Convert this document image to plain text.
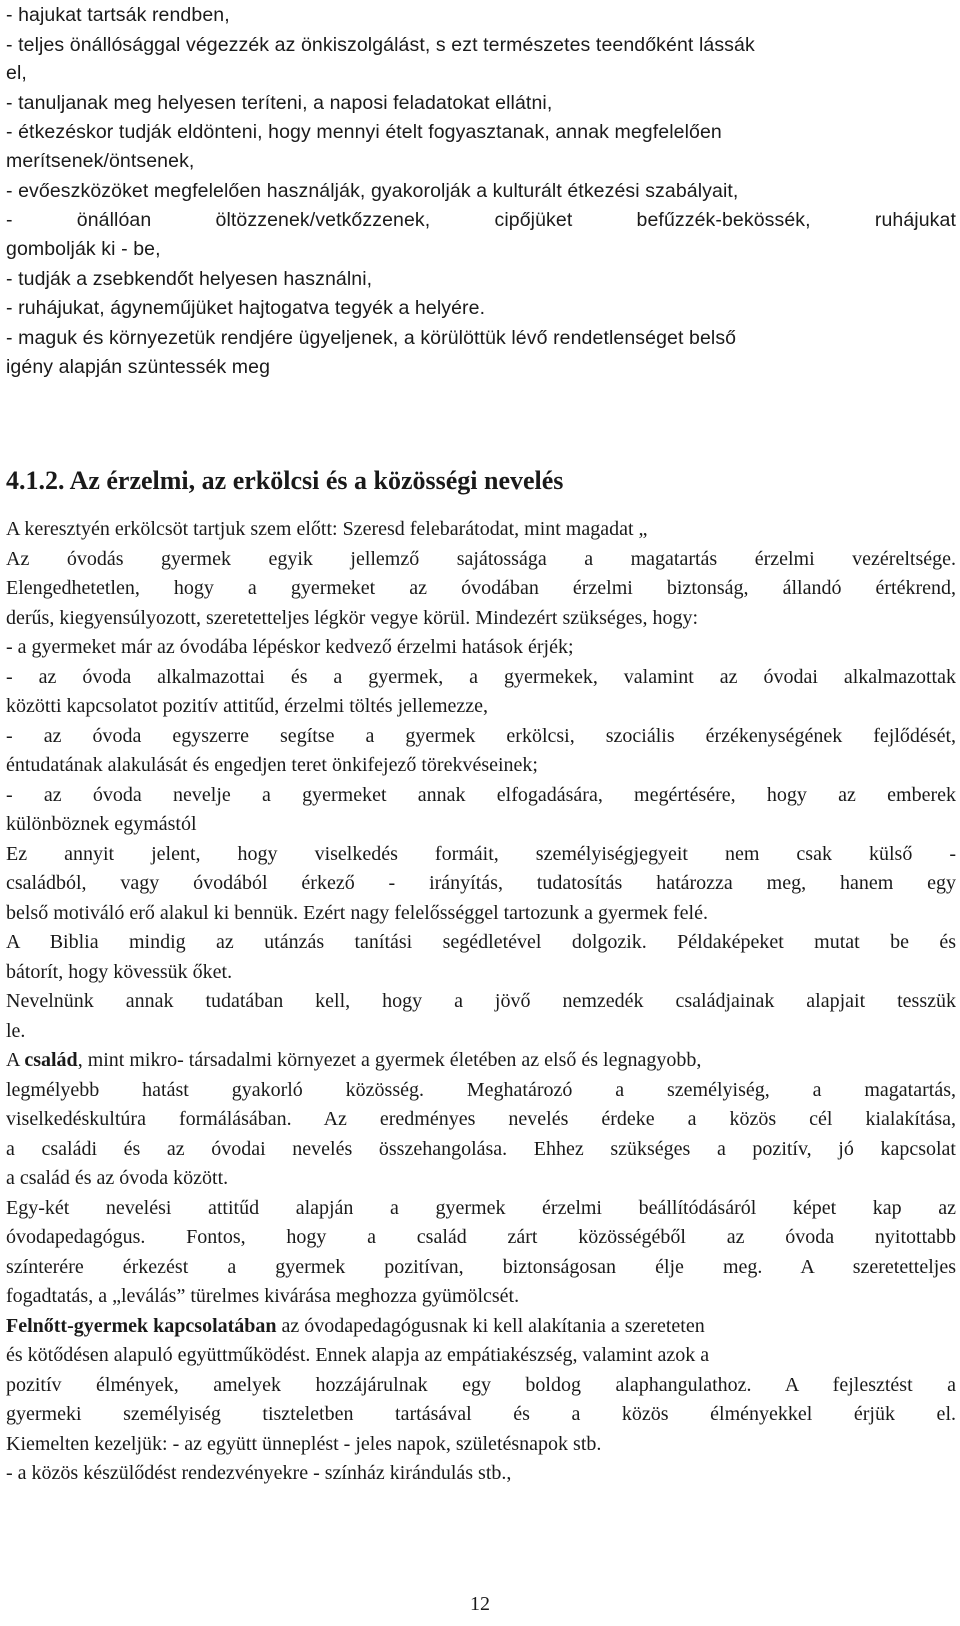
- hajukat tartsák rendben,
- teljes önállósággal végezzék az önkiszolgálást, s ezt természetes teendőként lássák
el,
- tanuljanak meg helyesen teríteni, a naposi feladatokat ellátni,
- étkezéskor tudják eldönteni, hogy mennyi ételt fogyasztanak, annak megfelelően
merítsenek/öntsenek,
- evőeszközöket megfelelően használják, gyakorolják a kulturált étkezési szabályait,
- önállóan öltözzenek/vetkőzzenek, cipőjüket befűzzék-bekössék, ruhájukat
gombolják ki - be,
- tudják a zsebkendőt helyesen használni,
- ruhájukat, ágyneműjüket hajtogatva tegyék a helyére.
- maguk és környezetük rendjére ügyeljenek, a körülöttük lévő rendetlenséget belső
igény alapján szüntessék meg
4.1.2. Az érzelmi, az erkölcsi és a közösségi nevelés
A keresztyén erkölcsöt tartjuk szem előtt: Szeresd felebarátodat, mint magadat „
Az óvodás gyermek egyik jellemző sajátossága a magatartás érzelmi vezéreltsége.
Elengedhetetlen, hogy a gyermeket az óvodában érzelmi biztonság, állandó értékrend,
derűs, kiegyensúlyozott, szeretetteljes légkör vegye körül. Mindezért szükséges, hogy:
- a gyermeket már az óvodába lépéskor kedvező érzelmi hatások érjék;
- az óvoda alkalmazottai és a gyermek, a gyermekek, valamint az óvodai alkalmazottak
közötti kapcsolatot pozitív attitűd, érzelmi töltés jellemezze,
- az óvoda egyszerre segítse a gyermek erkölcsi, szociális érzékenységének fejlődését,
éntudatának alakulását és engedjen teret önkifejező törekvéseinek;
- az óvoda nevelje a gyermeket annak elfogadására, megértésére, hogy az emberek
különböznek egymástól
Ez annyit jelent, hogy viselkedés formáit, személyiségjegyeit nem csak külső -
családból, vagy óvodából érkező - irányítás, tudatosítás határozza meg, hanem egy
belső motiváló erő alakul ki bennük. Ezért nagy felelősséggel tartozunk a gyermek felé.
A Biblia mindig az utánzás tanítási segédletével dolgozik. Példaképeket mutat be és
bátorít, hogy kövessük őket.
Nevelnünk annak tudatában kell, hogy a jövő nemzedék családjainak alapjait tesszük
le.
A család, mint mikro- társadalmi környezet a gyermek életében az első és legnagyobb,
legmélyebb hatást gyakorló közösség. Meghatározó a személyiség, a magatartás,
viselkedéskultúra formálásában. Az eredményes nevelés érdeke a közös cél kialakítása,
a családi és az óvodai nevelés összehangolása. Ehhez szükséges a pozitív, jó kapcsolat
a család és az óvoda között.
Egy-két nevelési attitűd alapján a gyermek érzelmi beállítódásáról képet kap az
óvodapedagógus. Fontos, hogy a család zárt közösségéből az óvoda nyitottabb
színterére érkezést a gyermek pozitívan, biztonságosan élje meg. A szeretetteljes
fogadtatás, a „leválás” türelmes kivárása meghozza gyümölcsét.
Felnőtt-gyermek kapcsolatában az óvodapedagógusnak ki kell alakítania a szereteten
és kötődésen alapuló együttműködést. Ennek alapja az empátiakészség, valamint azok a
pozitív élmények, amelyek hozzájárulnak egy boldog alaphangulathoz. A fejlesztést a
gyermeki személyiség tiszteletben tartásával és a közös élményekkel érjük el.
Kiemelten kezeljük: - az együtt ünneplést - jeles napok, születésnapok stb.
- a közös készülődést rendezvényekre - színház kirándulás stb.,
12
